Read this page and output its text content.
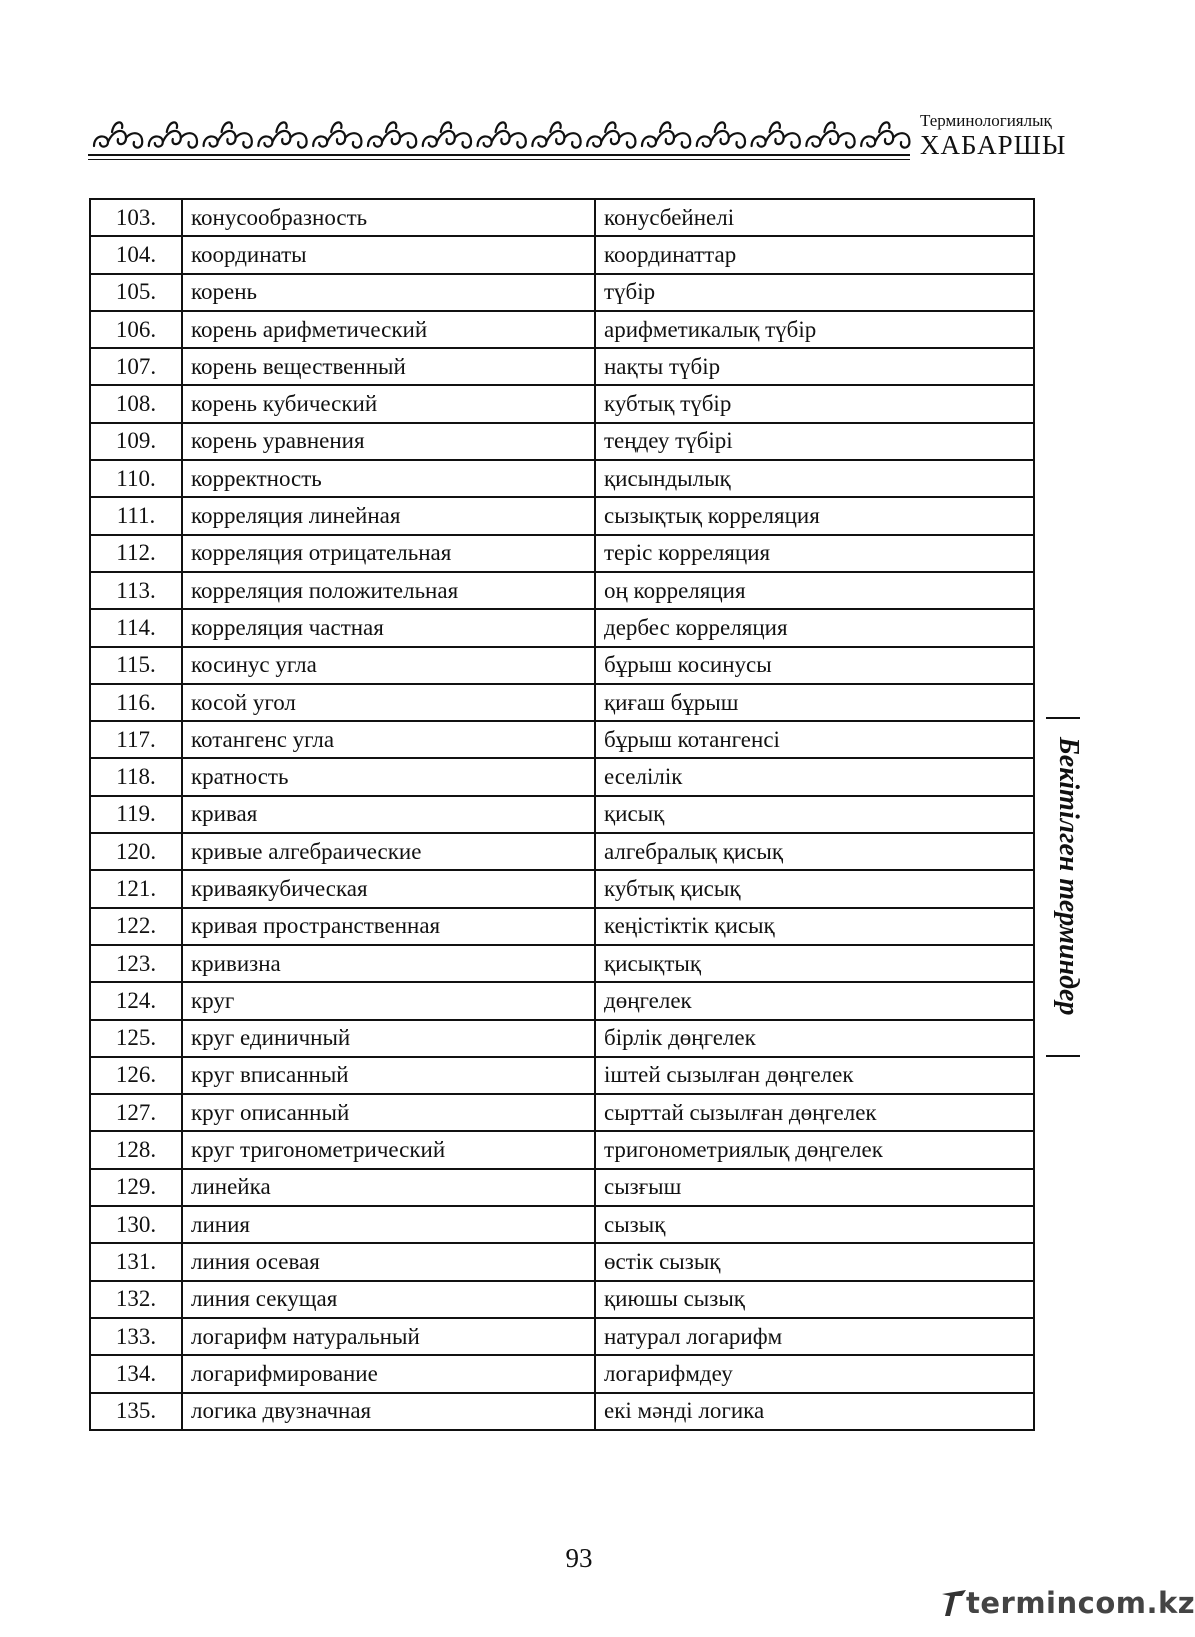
Терминологиялық
ХАБАРШЫ
103.	конусообразность	конусбейнелі
104.	координаты	координаттар
105.	корень	түбір
106.	корень арифметический	арифметикалық түбір
107.	корень вещественный	нақты түбір
108.	корень кубический	кубтық түбір
109.	корень уравнения	теңдеу түбірі
110.	корректность	қисындылық
111.	корреляция линейная	сызықтық корреляция
112.	корреляция отрицательная	теріс корреляция
113.	корреляция положительная	оң корреляция
114.	корреляция частная	дербес корреляция
115.	косинус угла	бұрыш косинусы
116.	косой угол	қиғаш бұрыш
117.	котангенс угла	бұрыш котангенсі
118.	кратность	еселілік
119.	кривая	қисық
120.	кривые алгебраические	алгебралық қисық
121.	криваякубическая	кубтық қисық
122.	кривая пространственная	кеңістіктік қисық
123.	кривизна	қисықтық
124.	круг	дөңгелек
125.	круг единичный	бірлік дөңгелек
126.	круг вписанный	іштей сызылған дөңгелек
127.	круг описанный	сырттай сызылған дөңгелек
128.	круг тригонометрический	тригонометриялық дөңгелек
129.	линейка	сызғыш
130.	линия	сызық
131.	линия осевая	өстік сызық
132.	линия секущая	қиюшы сызық
133.	логарифм натуральный	натурал логарифм
134.	логарифмирование	логарифмдеу
135.	логика двузначная	екі мәнді логика
Бекітілген терминдер
93
termincom.kz
